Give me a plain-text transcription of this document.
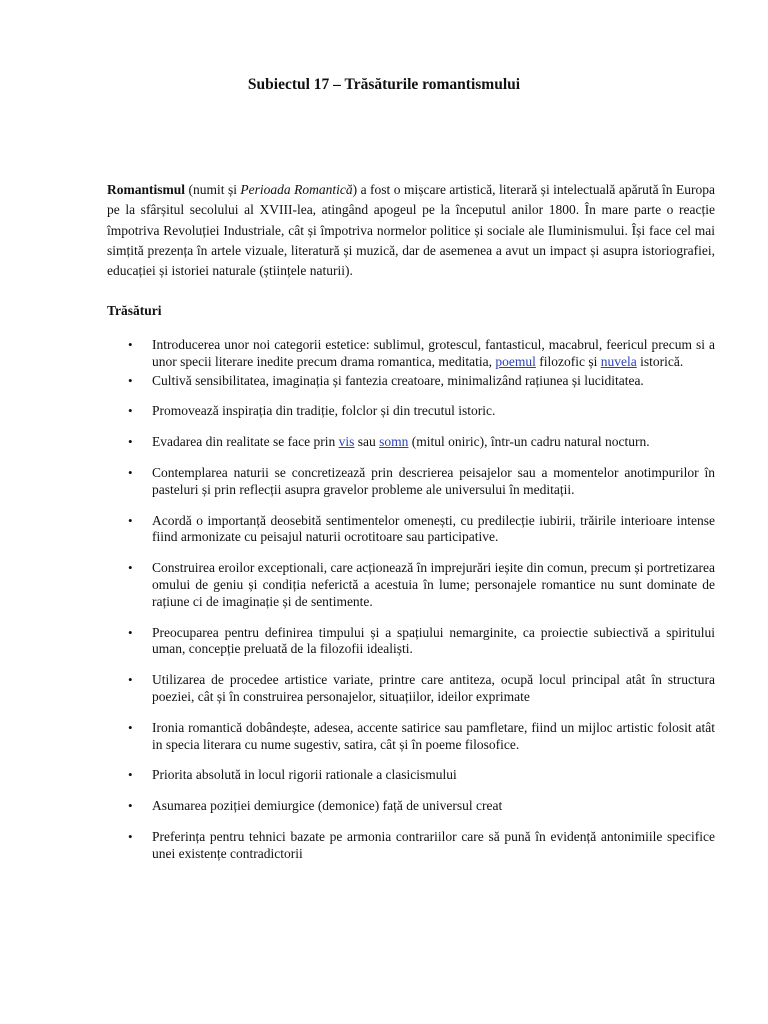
Subiectul 17 – Trăsăturile romantismului

Romantismul (numit și Perioada Romantică) a fost o mișcare artistică, literară și intelectuală apărută în Europa pe la sfârșitul secolului al XVIII-lea, atingând apogeul pe la începutul anilor 1800. În mare parte o reacție împotriva Revoluției Industriale, cât și împotriva normelor politice și sociale ale Iluminismului. Își face cel mai simțită prezența în artele vizuale, literatură și muzică, dar de asemenea a avut un impact și asupra istoriografiei, educației și istoriei naturale (științele naturii).

Trăsături
• Introducerea unor noi categorii estetice: sublimul, grotescul, fantasticul, macabrul, feericul precum si a unor specii literare inedite precum drama romantica, meditatia, poemul filozofic și nuvela istorică.
• Cultivă sensibilitatea, imaginația și fantezia creatoare, minimalizând rațiunea și luciditatea.
• Promovează inspirația din tradiție, folclor și din trecutul istoric.
• Evadarea din realitate se face prin vis sau somn (mitul oniric), într-un cadru natural nocturn.
• Contemplarea naturii se concretizează prin descrierea peisajelor sau a momentelor anotimpurilor în pasteluri și prin reflecții asupra gravelor probleme ale universului în meditații.
• Acordă o importanță deosebită sentimentelor omenești, cu predilecție iubirii, trăirile interioare intense fiind armonizate cu peisajul naturii ocrotitoare sau participative.
• Construirea eroilor exceptionali, care acționează în imprejurări ieșite din comun, precum și portretizarea omului de geniu și condiția neferictă a acestuia în lume; personajele romantice nu sunt dominate de rațiune ci de imaginație și de sentimente.
• Preocuparea pentru definirea timpului și a spațiului nemarginite, ca proiectie subiectivă a spiritului uman, concepție preluată de la filozofii idealiști.
• Utilizarea de procedee artistice variate, printre care antiteza, ocupă locul principal atât în structura poeziei, cât și în construirea personajelor, situațiilor, ideilor exprimate
• Ironia romantică dobândește, adesea, accente satirice sau pamfletare, fiind un mijloc artistic folosit atât in specia literara cu nume sugestiv, satira, cât și în poeme filosofice.
• Priorita absolută in locul rigorii rationale a clasicismului
• Asumarea poziției demiurgice (demonice) față de universul creat
• Preferința pentru tehnici bazate pe armonia contrariilor care să pună în evidență antonimiile specifice unei existențe contradictorii
